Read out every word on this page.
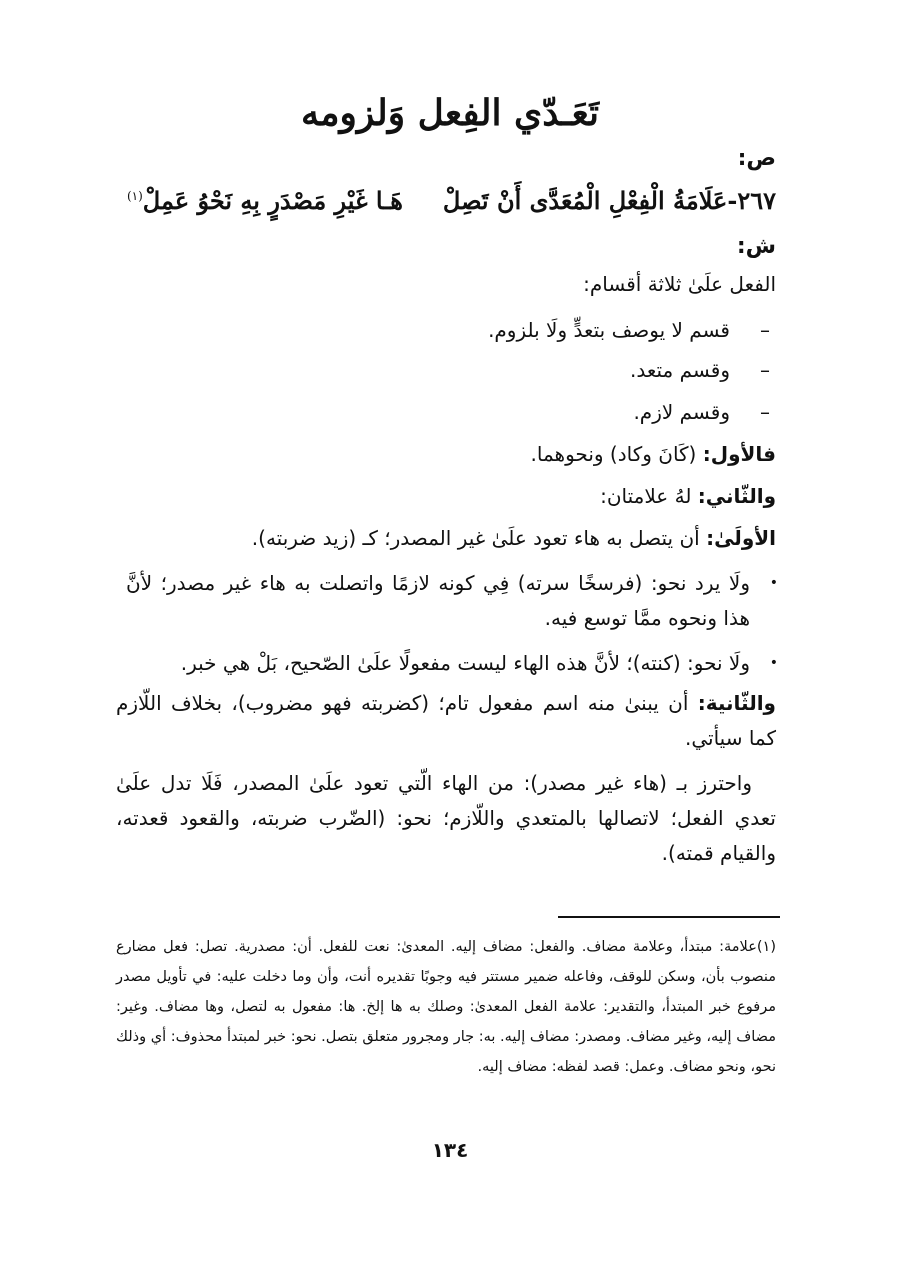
تَعَـدّي الفِعل وَلزومه
ص:
٢٦٧-عَلَامَةُ الْفِعْلِ الْمُعَدَّى أَنْ تَصِلْهَـا غَيْرِ مَصْدَرٍ بِهِ نَحْوُ عَمِلْ$^{(١)}$
ش:
الفعل علَىٰ ثلاثة أقسام:
–قسم لا يوصف بتعدٍّ ولَا بلزوم.
–وقسم متعد.
–وقسم لازم.
فالأول: (كَانَ وكاد) ونحوهما.
والثّاني: لهُ علامتان:
الأولَىٰ: أن يتصل به هاء تعود علَىٰ غير المصدر؛ كـ (زيد ضربته).
•
ولَا يرد نحو: (فرسخًا سرته) فِي كونه لازمًا واتصلت به هاء غير مصدر؛ لأنَّ هذا ونحوه ممَّا توسع فيه.
•
ولَا نحو: (كنته)؛ لأنَّ هذه الهاء ليست مفعولًا علَىٰ الصّحيح، بَلْ هي خبر.
والثّانية: أن يبنىٰ منه اسم مفعول تام؛ (كضربته فهو مضروب)، بخلاف اللّازم كما سيأتي.
واحترز بـ (هاء غير مصدر): من الهاء الّتي تعود علَىٰ المصدر، فَلَا تدل علَىٰ تعدي الفعل؛ لاتصالها بالمتعدي واللّازم؛ نحو: (الضّرب ضربته، والقعود قعدته، والقيام قمته).
(١)علامة: مبتدأ، وعلامة مضاف. والفعل: مضاف إليه. المعدىٰ: نعت للفعل. أن: مصدرية. تصل: فعل مضارع منصوب بأن، وسكن للوقف، وفاعله ضمير مستتر فيه وجوبًا تقديره أنت، وأن وما دخلت عليه: في تأويل مصدر مرفوع خبر المبتدأ، والتقدير: علامة الفعل المعدىٰ: وصلك به ها إلخ. ها: مفعول به لتصل، وها مضاف. وغير: مضاف إليه، وغير مضاف. ومصدر: مضاف إليه. به: جار ومجرور متعلق بتصل. نحو: خبر لمبتدأ محذوف: أي وذلك نحو، ونحو مضاف. وعمل: قصد لفظه: مضاف إليه.
١٣٤
